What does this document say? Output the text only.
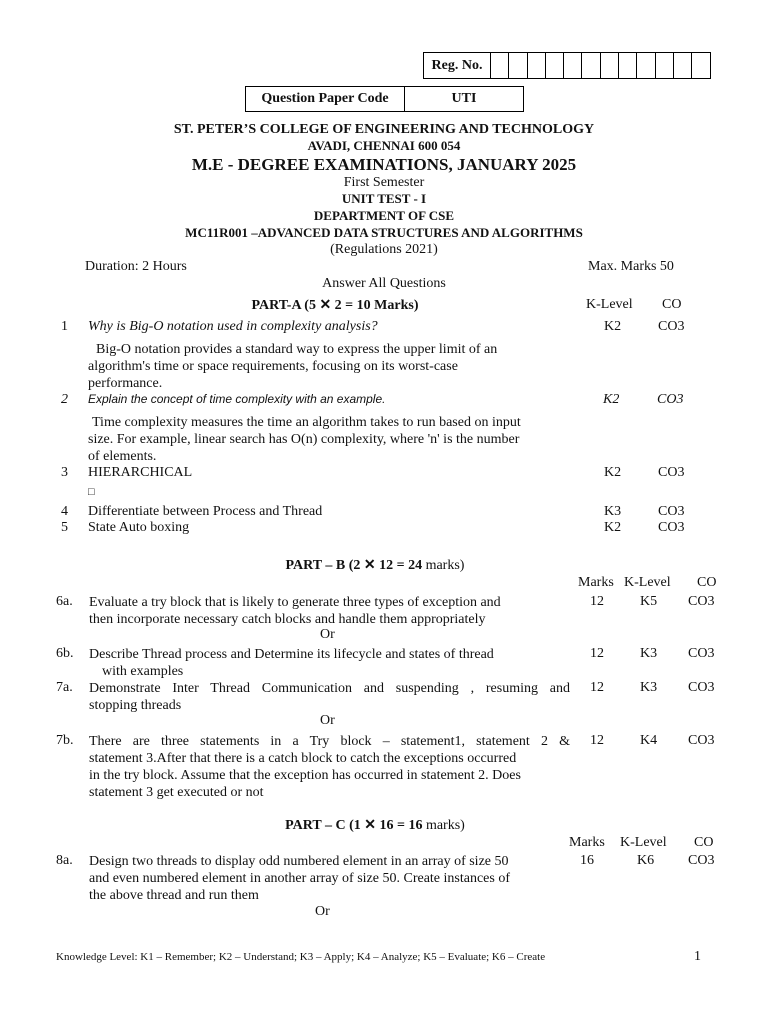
Reg. No.
Question Paper Code	UTI
ST. PETER’S COLLEGE OF ENGINEERING AND TECHNOLOGY
AVADI, CHENNAI 600 054
M.E - DEGREE EXAMINATIONS, JANUARY 2025
First Semester
UNIT TEST - I
DEPARTMENT OF CSE
MC11R001 –ADVANCED DATA STRUCTURES AND ALGORITHMS
(Regulations 2021)
Duration: 2 Hours	Max. Marks 50
Answer All Questions
PART-A (5 ✕ 2 = 10 Marks)	K-Level CO
1 Why is Big-O notation used in complexity analysis?	K2	CO3
Big-O notation provides a standard way to express the upper limit of an
algorithm's time or space requirements, focusing on its worst-case
performance.
2 Explain the concept of time complexity with an example.	K2	CO3
Time complexity measures the time an algorithm takes to run based on input
size. For example, linear search has O(n) complexity, where 'n' is the number
of elements.
3 HIERARCHICAL	K2	CO3
□
4 Differentiate between Process and Thread	K3	CO3
5 State Auto boxing	K2	CO3
PART – B (2 ✕ 12 = 24 marks)
Marks K-Level CO
6a. Evaluate a try block that is likely to generate three types of exception and
then incorporate necessary catch blocks and handle them appropriately
12	K5 CO3
Or
6b. Describe Thread process and Determine its lifecycle and states of thread
with examples
12	K3 CO3
7a. Demonstrate Inter Thread Communication and suspending , resuming and
stopping threads
12	K3 CO3
Or
7b. There are three statements in a Try block – statement1, statement 2 &
statement 3.After that there is a catch block to catch the exceptions occurred
in the try block. Assume that the exception has occurred in statement 2. Does
statement 3 get executed or not
12	K4 CO3
PART – C (1 ✕ 16 = 16 marks)
Marks K-Level CO
8a. Design two threads to display odd numbered element in an array of size 50
and even numbered element in another array of size 50. Create instances of
the above thread and run them
16	K6 CO3
Or
Knowledge Level: K1 – Remember; K2 – Understand; K3 – Apply; K4 – Analyze; K5 – Evaluate; K6 – Create	1
